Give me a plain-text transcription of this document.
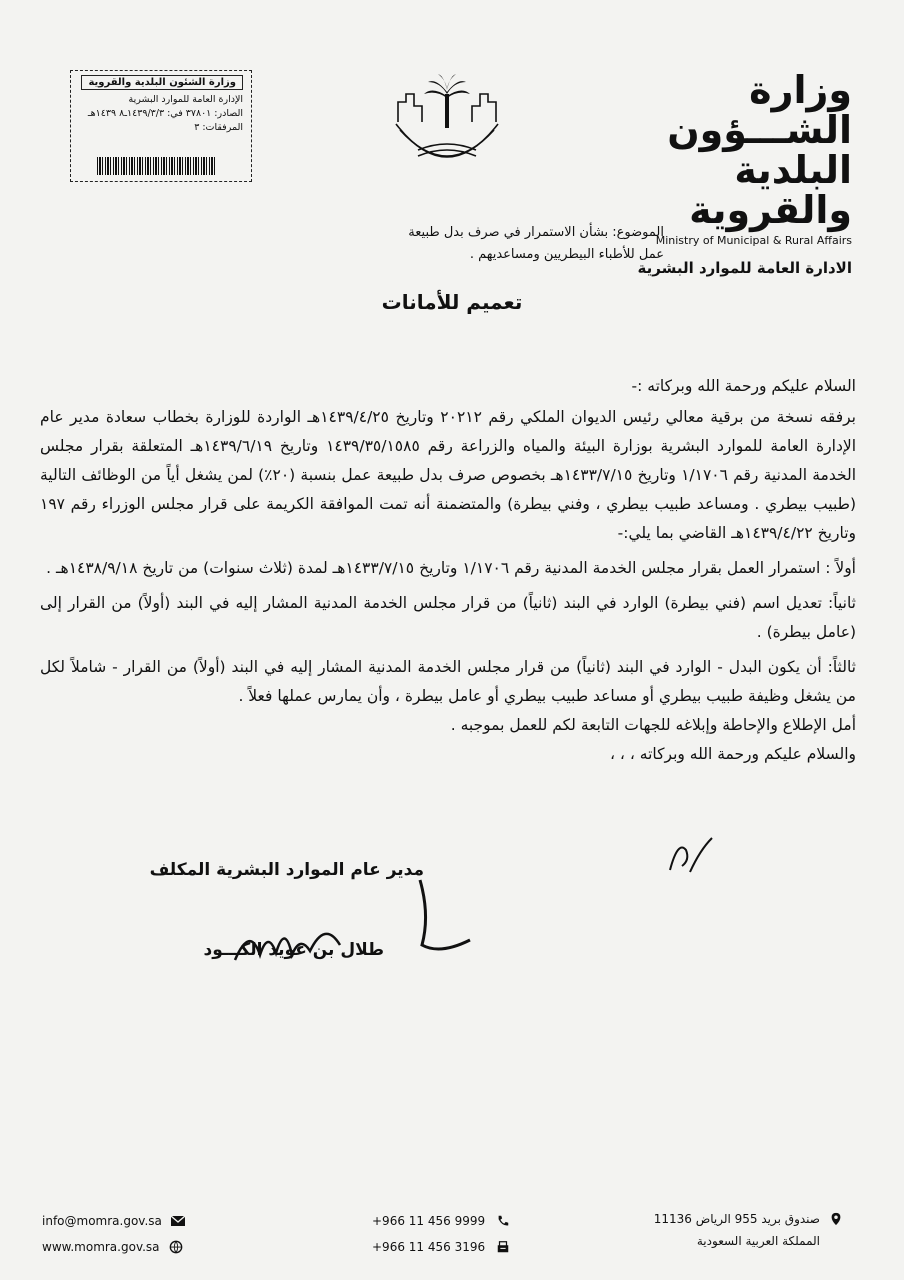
وزارة الشـــؤون
البلدية والقروية
Ministry of Municipal & Rural Affairs
الادارة العامة للموارد البشرية
وزارة الشئون البلدية والقروية
الإدارة العامة للموارد البشرية
الصادر: ٣٧٨٠١ في: ١٤٣٩/٣/٣ـ٨ ١٤٣٩هـ
المرفقات: ٣
الموضوع: بشأن الاستمرار في صرف بدل طبيعة
عمل للأطباء البيطريين ومساعديهم .
تعميم للأمانات

السلام عليكم ورحمة الله وبركاته :-

برفقه نسخة من برقية معالي رئيس الديوان الملكي رقم ٢٠٢١٢ وتاريخ ١٤٣٩/٤/٢٥هـ الواردة للوزارة بخطاب سعادة مدير عام الإدارة العامة للموارد البشرية بوزارة البيئة والمياه والزراعة رقم ١٤٣٩/٣٥/١٥٨٥ وتاريخ ١٤٣٩/٦/١٩هـ المتعلقة بقرار مجلس الخدمة المدنية رقم ١/١٧٠٦ وتاريخ ١٤٣٣/٧/١٥هـ بخصوص صرف بدل طبيعة عمل بنسبة (٢٠٪) لمن يشغل أياً من الوظائف التالية (طبيب بيطري . ومساعد طبيب بيطري ، وفني بيطرة) والمتضمنة أنه تمت الموافقة الكريمة على قرار مجلس الوزراء رقم ١٩٧ وتاريخ ١٤٣٩/٤/٢٢هـ القاضي بما يلي:-

أولاً : استمرار العمل بقرار مجلس الخدمة المدنية رقم ١/١٧٠٦ وتاريخ ١٤٣٣/٧/١٥هـ لمدة (ثلاث سنوات) من تاريخ ١٤٣٨/٩/١٨هـ .

ثانياً: تعديل اسم (فني بيطرة) الوارد في البند (ثانياً) من قرار مجلس الخدمة المدنية المشار إليه في البند (أولاً) من القرار إلى (عامل بيطرة) .

ثالثاً: أن يكون البدل - الوارد في البند (ثانياً) من قرار مجلس الخدمة المدنية المشار إليه في البند (أولاً) من القرار - شاملاً لكل من يشغل وظيفة طبيب بيطري أو مساعد طبيب بيطري أو عامل بيطرة ، وأن يمارس عملها فعلاً .

أمل الإطلاع والإحاطة وإبلاغه للجهات التابعة لكم للعمل بموجبه .

والسلام عليكم ورحمة الله وبركاته ، ، ،

مدير عام الموارد البشرية المكلف
طلال بن عويد الكـــود
info@momra.gov.sa
www.momra.gov.sa
+966 11 456 9999
+966 11 456 3196
صندوق بريد 955 الرياض 11136
المملكة العربية السعودية
